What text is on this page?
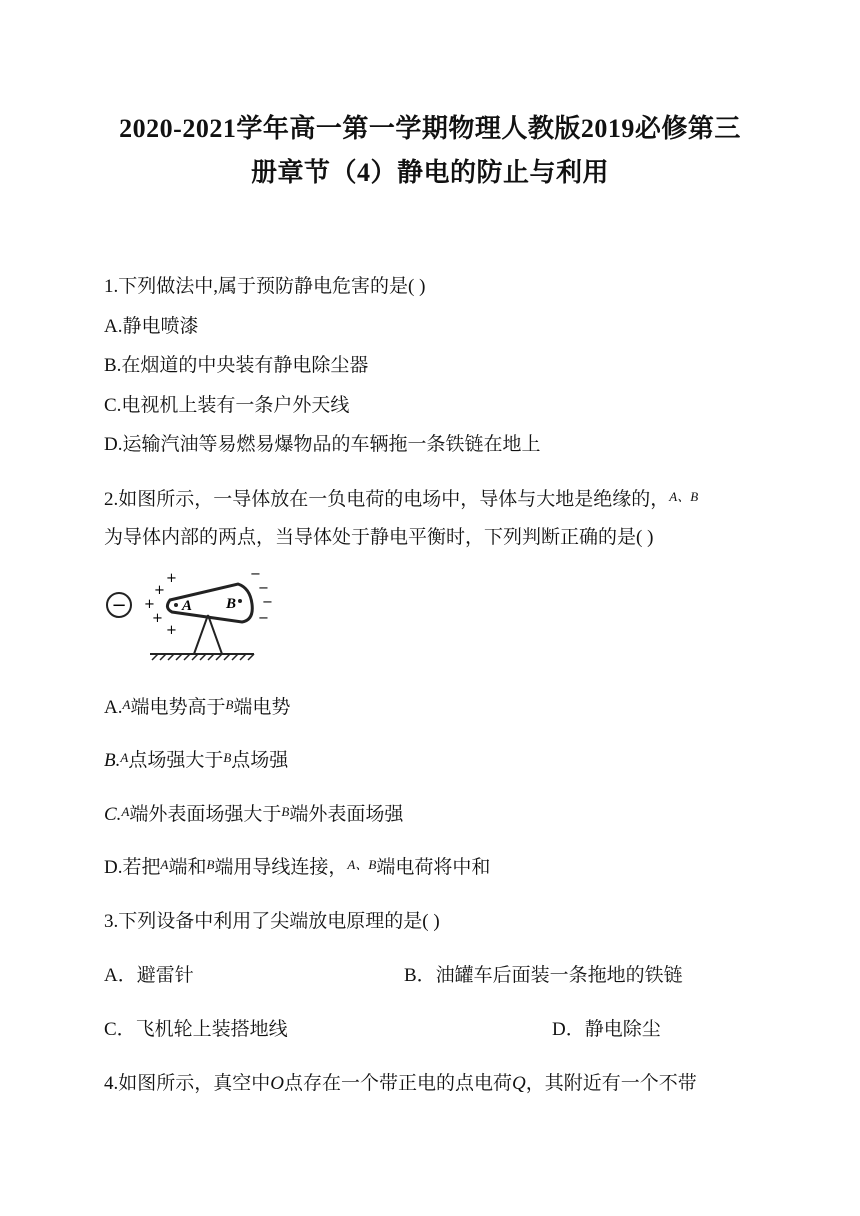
2020-2021学年高一第一学期物理人教版2019必修第三
册章节（4）静电的防止与利用
1.下列做法中,属于预防静电危害的是( )
A.静电喷漆
B.在烟道的中央装有静电除尘器
C.电视机上装有一条户外天线
D.运输汽油等易燃易爆物品的车辆拖一条铁链在地上
2.如图所示，一导体放在一负电荷的电场中，导体与大地是绝缘的，$^{A、B}$
为导体内部的两点，当导体处于静电平衡时，下列判断正确的是( )
−
+
+
+
+
+
A B
−
−
−
−
A.$^A$端电势高于$^B$端电势
B.$^A$点场强大于$^B$点场强
C.$^A$端外表面场强大于$^B$端外表面场强
D.若把$^A$端和$^B$端用导线连接，$^{A、B}$端电荷将中和
3.下列设备中利用了尖端放电原理的是( )
A．避雷针	B．油罐车后面装一条拖地的铁链
C．飞机轮上装搭地线	D．静电除尘
4.如图所示，真空中O点存在一个带正电的点电荷Q，其附近有一个不带
